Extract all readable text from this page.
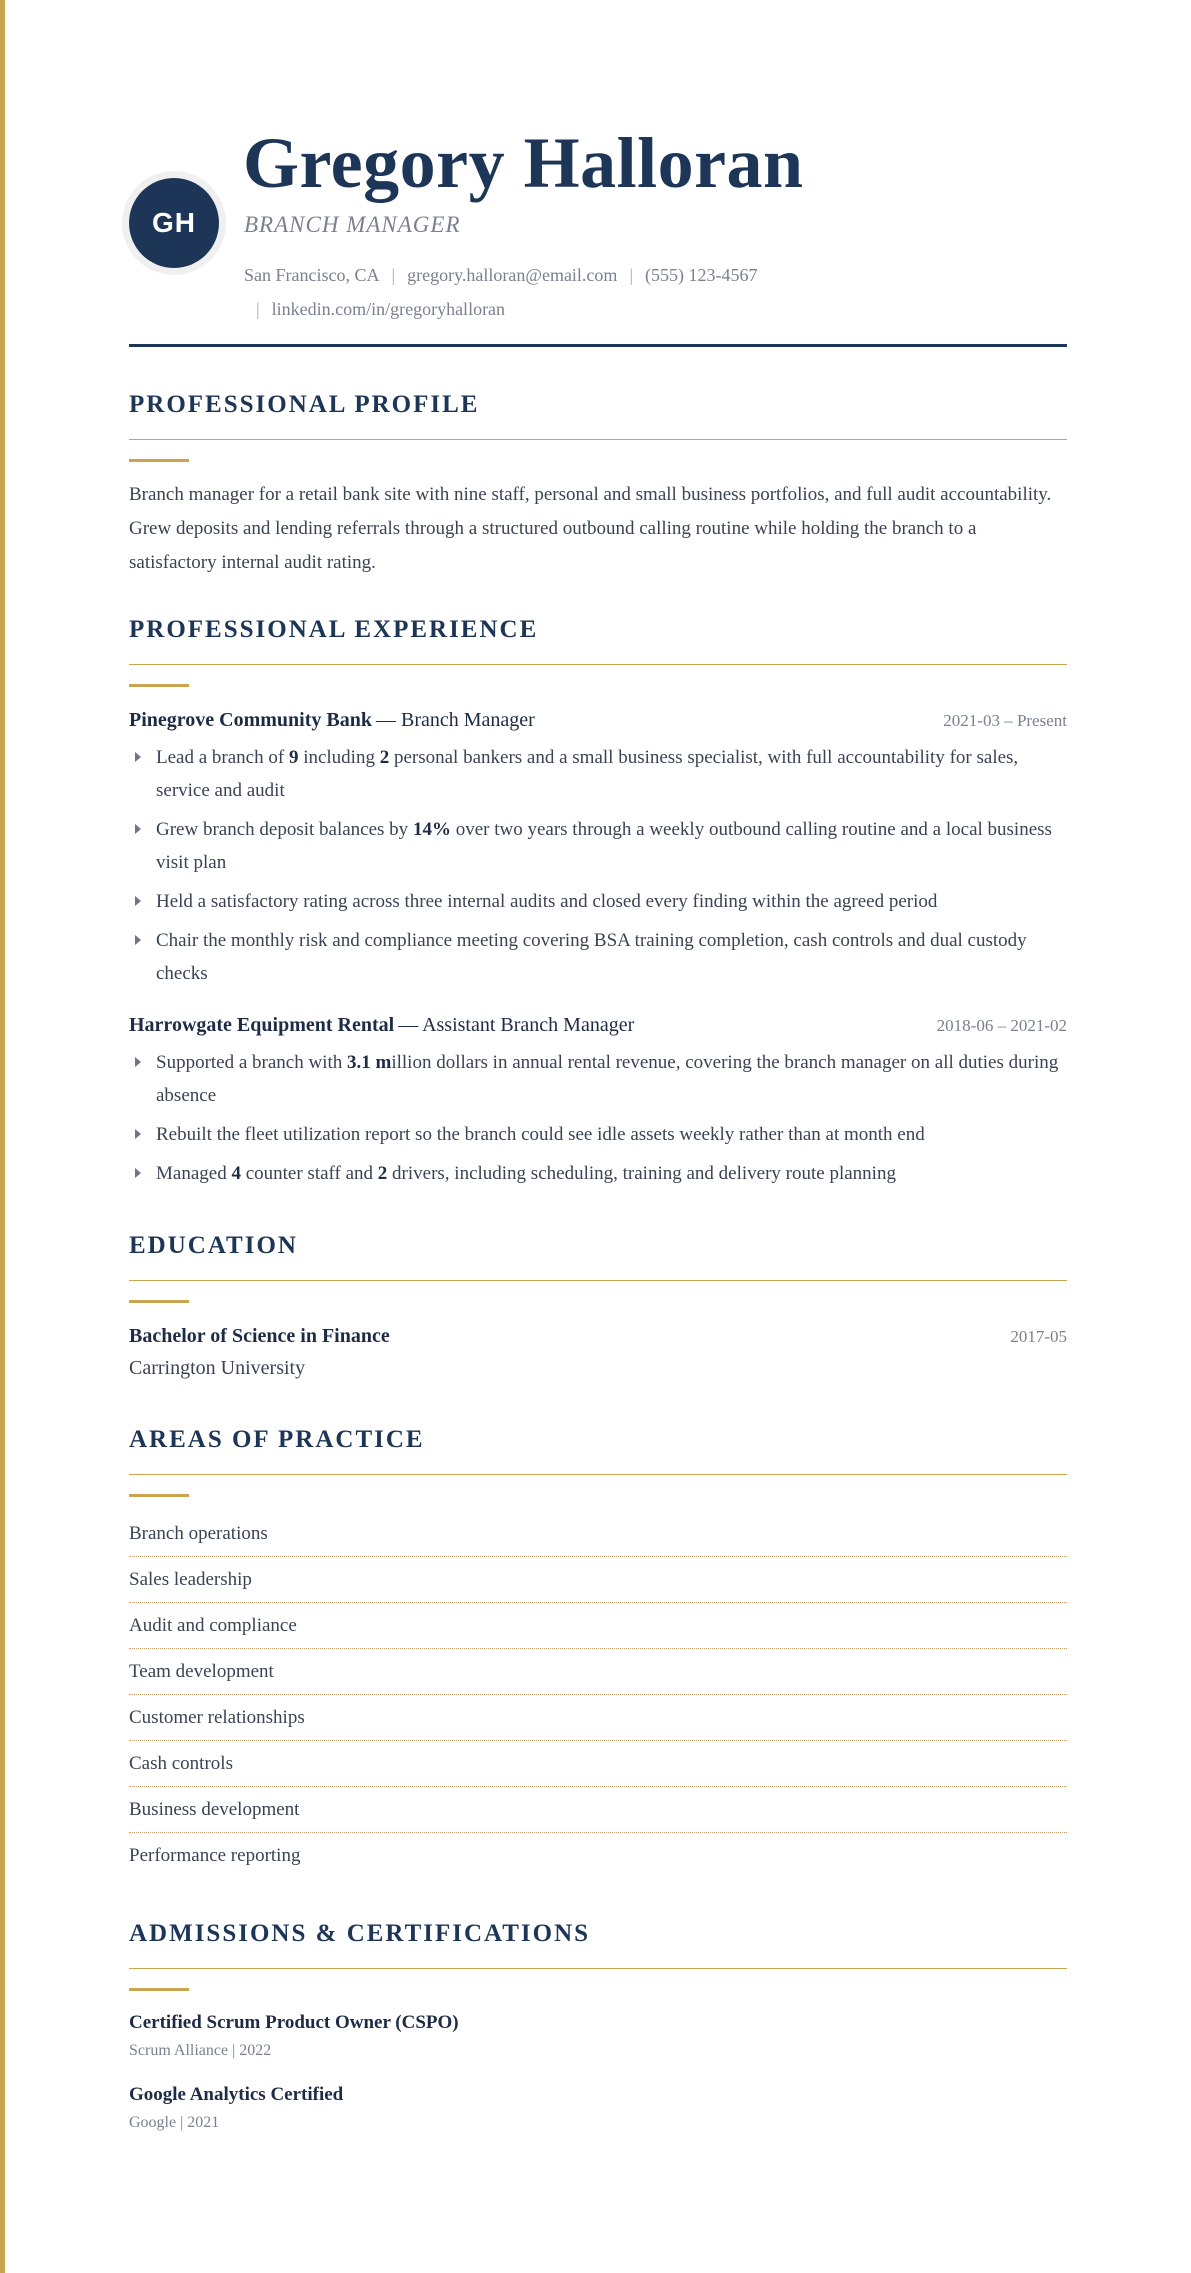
GH
Gregory Halloran
BRANCH MANAGER
San Francisco, CA | gregory.halloran@email.com | (555) 123-4567
| linkedin.com/in/gregoryhalloran
PROFESSIONAL PROFILE

Branch manager for a retail bank site with nine staff, personal and small business portfolios, and full audit accountability. Grew deposits and lending referrals through a structured outbound calling routine while holding the branch to a satisfactory internal audit rating.

PROFESSIONAL EXPERIENCE
Pinegrove Community Bank — Branch Manager	2021-03 – Present
Lead a branch of 9 including 2 personal bankers and a small business specialist, with full accountability for sales, service and audit
Grew branch deposit balances by 14% over two years through a weekly outbound calling routine and a local business visit plan
Held a satisfactory rating across three internal audits and closed every finding within the agreed period
Chair the monthly risk and compliance meeting covering BSA training completion, cash controls and dual custody checks
Harrowgate Equipment Rental — Assistant Branch Manager	2018-06 – 2021-02
Supported a branch with 3.1 million dollars in annual rental revenue, covering the branch manager on all duties during absence
Rebuilt the fleet utilization report so the branch could see idle assets weekly rather than at month end
Managed 4 counter staff and 2 drivers, including scheduling, training and delivery route planning
EDUCATION
Bachelor of Science in Finance	2017-05
Carrington University
AREAS OF PRACTICE
Branch operations
Sales leadership
Audit and compliance
Team development
Customer relationships
Cash controls
Business development
Performance reporting
ADMISSIONS & CERTIFICATIONS
Certified Scrum Product Owner (CSPO)
Scrum Alliance | 2022
Google Analytics Certified
Google | 2021
